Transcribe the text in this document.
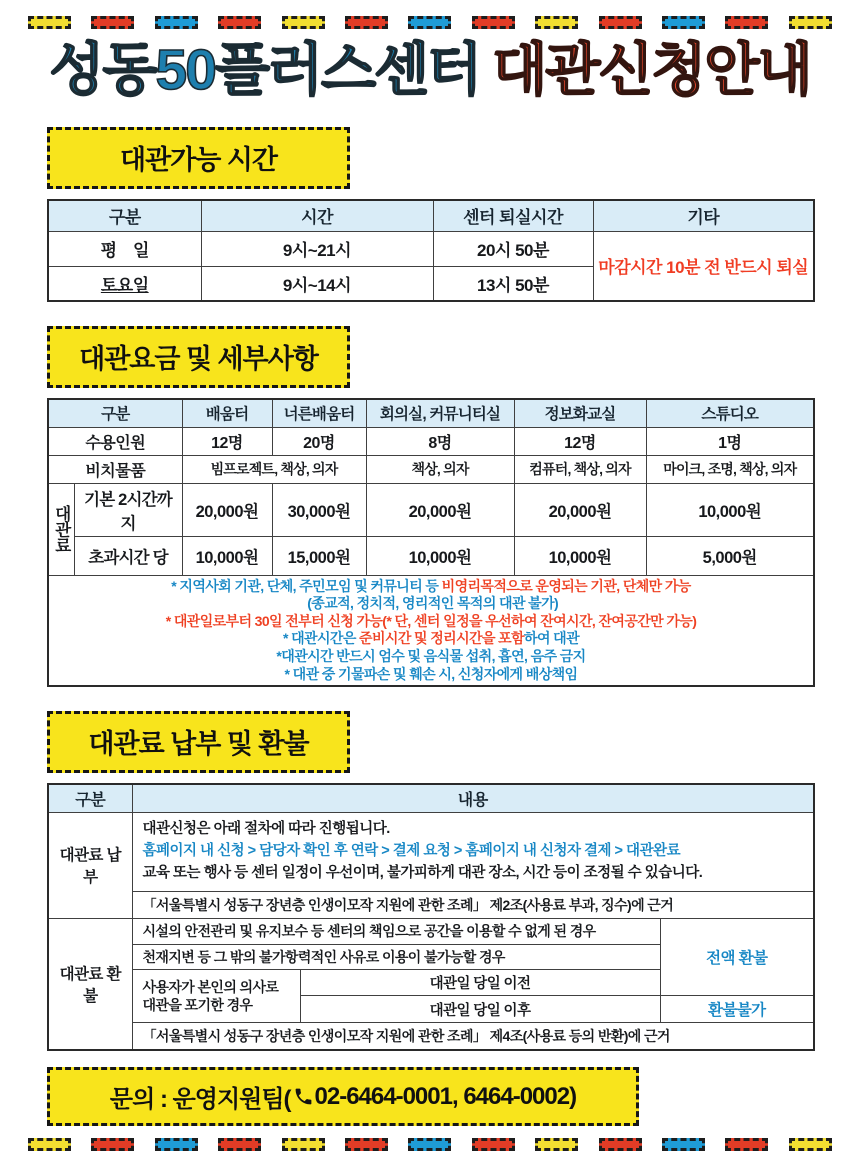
성동50플러스센터 대관신청안내
대관가능 시간
구분	시간	센터 퇴실시간	기타
평　일	9시~21시	20시 50분	마감시간 10분 전 반드시 퇴실
토요일	9시~14시	13시 50분	
대관요금 및 세부사항
구분		배움터	너른배움터	회의실, 커뮤니티실	정보화교실	스튜디오
수용인원		12명	20명	8명	12명	1명
비치물품		빔프로젝트, 책상, 의자		책상, 의자	컴퓨터, 책상, 의자	마이크, 조명, 책상, 의자
대관료	기본 2시간까지	20,000원	30,000원	20,000원	20,000원	10,000원
	초과시간 당	10,000원	15,000원	10,000원	10,000원	5,000원

* 지역사회 기관, 단체, 주민모임 및 커뮤니티 등 비영리목적으로 운영되는 기관, 단체만 가능
(종교적, 정치적, 영리적인 목적의 대관 불가)
* 대관일로부터 30일 전부터 신청 가능(* 단, 센터 일정을 우선하여 잔여시간, 잔여공간만 가능)
* 대관시간은 준비시간 및 정리시간을 포함하여 대관
*대관시간 반드시 엄수 및 음식물 섭취, 흡연, 음주 금지
* 대관 중 기물파손 및 훼손 시, 신청자에게 배상책임
대관료 납부 및 환불
구분	내용		
대관료 납부	대관신청은 아래 절차에 따라 진행됩니다.
홈페이지 내 신청 > 담당자 확인 후 연락 > 결제 요청 > 홈페이지 내 신청자 결제 > 대관완료
교육 또는 행사 등 센터 일정이 우선이며, 불가피하게 대관 장소, 시간 등이 조정될 수 있습니다.		

	「서울특별시 성동구 장년층 인생이모작 지원에 관한 조례」 제2조(사용료 부과, 징수)에 근거		
대관료 환불	시설의 안전관리 및 유지보수 등 센터의 책임으로 공간을 이용할 수 없게 된 경우		전액 환불
	천재지변 등 그 밖의 불가항력적인 사유로 이용이 불가능할 경우		
	사용자가 본인의 의사로 대관을 포기한 경우	대관일 당일 이전	
		대관일 당일 이후	환불불가
	「서울특별시 성동구 장년층 인생이모작 지원에 관한 조례」 제4조(사용료 등의 반환)에 근거		
문의 : 운영지원팀( 02-6464-0001, 6464-0002)
